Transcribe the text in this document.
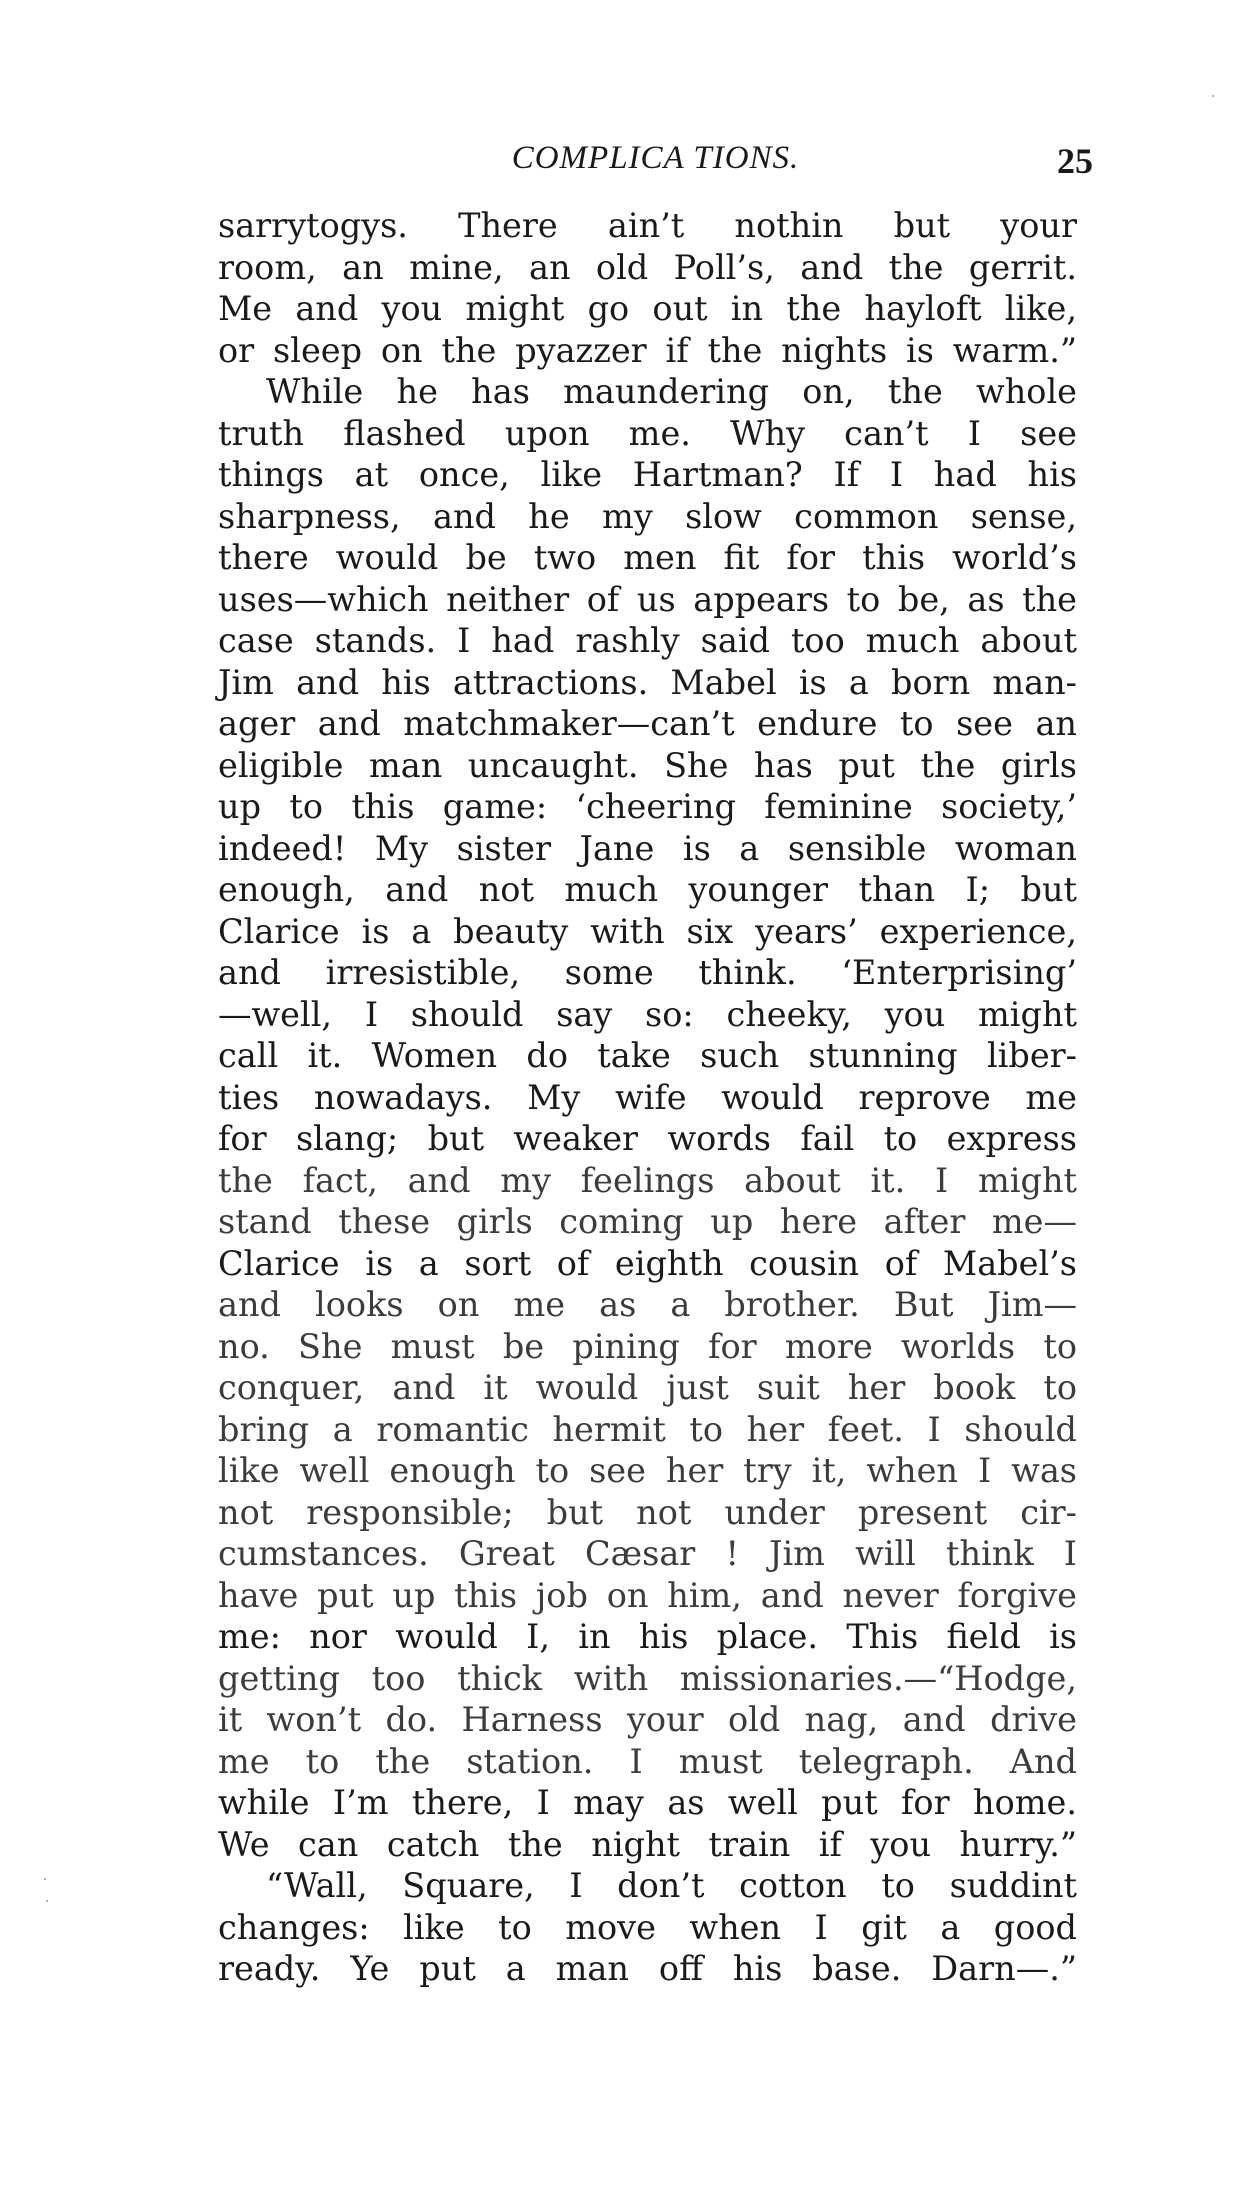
COMPLICA TIONS.	25
sarrytogys. There ain’t nothin but your
room, an mine, an old Poll’s, and the gerrit.
Me and you might go out in the hayloft like,
or sleep on the pyazzer if the nights is warm.”
While he has maundering on, the whole
truth flashed upon me. Why can’t I see
things at once, like Hartman? If I had his
sharpness, and he my slow common sense,
there would be two men fit for this world’s
uses—which neither of us appears to be, as the
case stands. I had rashly said too much about
Jim and his attractions. Mabel is a born man-
ager and matchmaker—can’t endure to see an
eligible man uncaught. She has put the girls
up to this game: ‘cheering feminine society,’
indeed! My sister Jane is a sensible woman
enough, and not much younger than I; but
Clarice is a beauty with six years’ experience,
and irresistible, some think. ‘Enterprising’
—well, I should say so: cheeky, you might
call it. Women do take such stunning liber-
ties nowadays. My wife would reprove me
for slang; but weaker words fail to express
the fact, and my feelings about it. I might
stand these girls coming up here after me—
Clarice is a sort of eighth cousin of Mabel’s
and looks on me as a brother. But Jim—
no. She must be pining for more worlds to
conquer, and it would just suit her book to
bring a romantic hermit to her feet. I should
like well enough to see her try it, when I was
not responsible; but not under present cir-
cumstances. Great Cæsar ! Jim will think I
have put up this job on him, and never forgive
me: nor would I, in his place. This field is
getting too thick with missionaries.—“Hodge,
it won’t do. Harness your old nag, and drive
me to the station. I must telegraph. And
while I’m there, I may as well put for home.
We can catch the night train if you hurry.”
“Wall, Square, I don’t cotton to suddint
changes: like to move when I git a good
ready. Ye put a man off his base. Darn—.”
